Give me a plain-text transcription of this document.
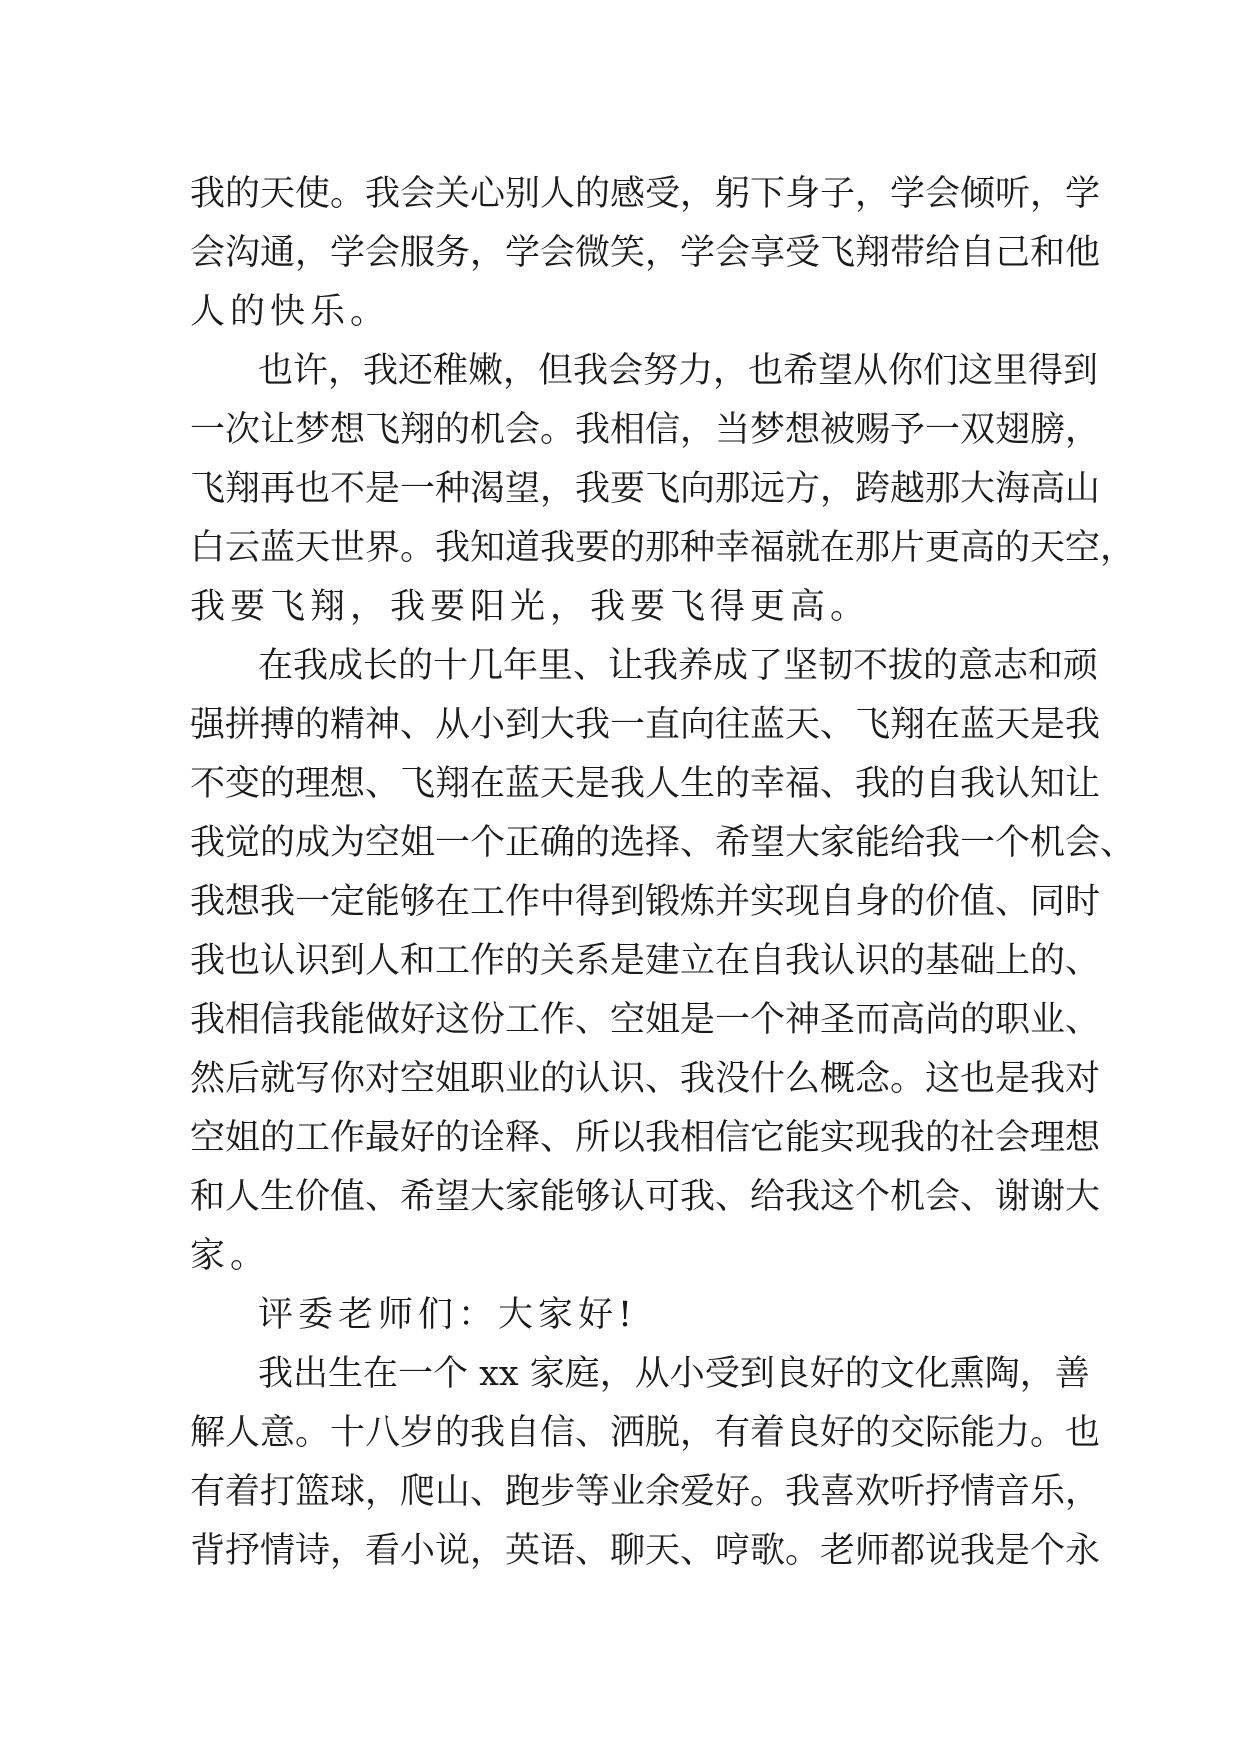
我的天使。我会关心别人的感受，躬下身子，学会倾听，学
会沟通，学会服务，学会微笑，学会享受飞翔带给自己和他
人的快乐。
也许，我还稚嫩，但我会努力，也希望从你们这里得到
一次让梦想飞翔的机会。我相信，当梦想被赐予一双翅膀，
飞翔再也不是一种渴望，我要飞向那远方，跨越那大海高山
白云蓝天世界。我知道我要的那种幸福就在那片更高的天空，
我要飞翔，我要阳光，我要飞得更高。
在我成长的十几年里、让我养成了坚韧不拔的意志和顽
强拼搏的精神、从小到大我一直向往蓝天、飞翔在蓝天是我
不变的理想、飞翔在蓝天是我人生的幸福、我的自我认知让
我觉的成为空姐一个正确的选择、希望大家能给我一个机会、
我想我一定能够在工作中得到锻炼并实现自身的价值、同时
我也认识到人和工作的关系是建立在自我认识的基础上的、
我相信我能做好这份工作、空姐是一个神圣而高尚的职业、
然后就写你对空姐职业的认识、我没什么概念。这也是我对
空姐的工作最好的诠释、所以我相信它能实现我的社会理想
和人生价值、希望大家能够认可我、给我这个机会、谢谢大
家。
评委老师们：大家好!
我出生在一个 xx 家庭，从小受到良好的文化熏陶，善
解人意。十八岁的我自信、洒脱，有着良好的交际能力。也
有着打篮球，爬山、跑步等业余爱好。我喜欢听抒情音乐，
背抒情诗，看小说，英语、聊天、哼歌。老师都说我是个永
